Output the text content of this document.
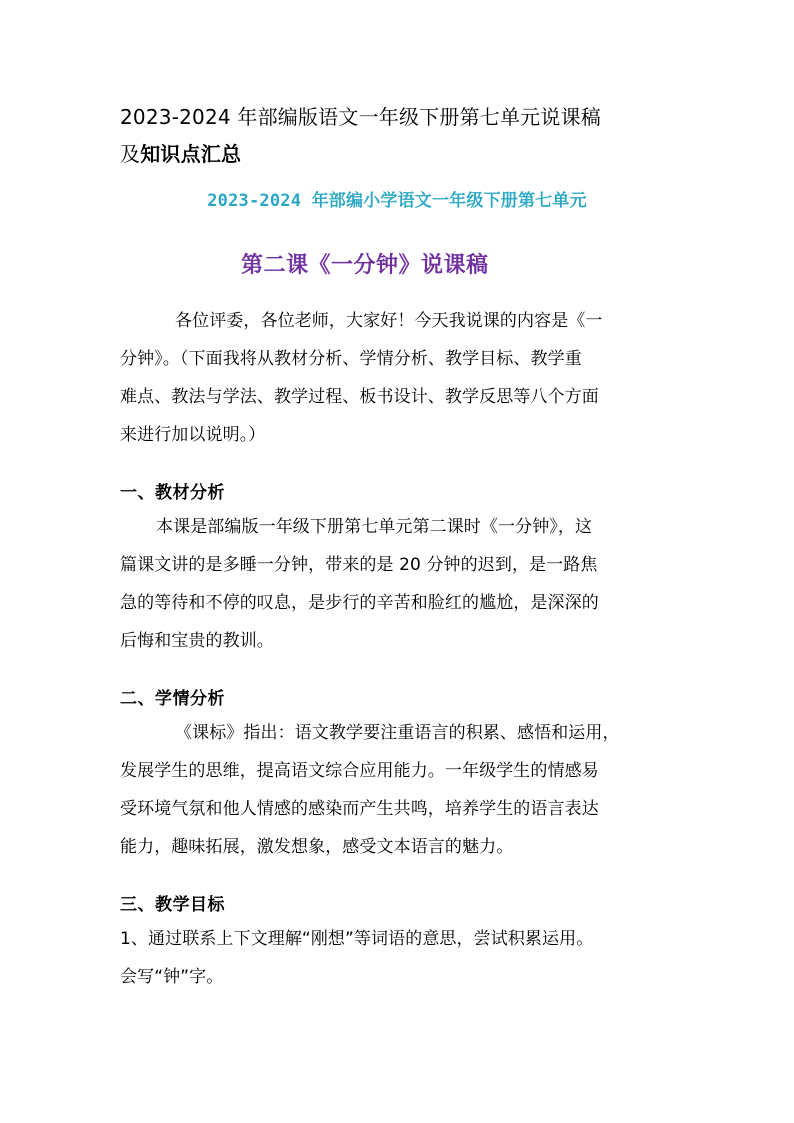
2023-2024 年部编版语文一年级下册第七单元说课稿
及知识点汇总
2023-2024 年部编小学语文一年级下册第七单元
第二课《一分钟》说课稿

各位评委，各位老师，大家好！今天我说课的内容是《一
分钟》。（下面我将从教材分析、学情分析、教学目标、教学重
难点、教法与学法、教学过程、板书设计、教学反思等八个方面
来进行加以说明。）

一、教材分析

本课是部编版一年级下册第七单元第二课时《一分钟》，这
篇课文讲的是多睡一分钟，带来的是 20 分钟的迟到，是一路焦
急的等待和不停的叹息，是步行的辛苦和脸红的尴尬，是深深的
后悔和宝贵的教训。

二、学情分析

《课标》指出：语文教学要注重语言的积累、感悟和运用，
发展学生的思维，提高语文综合应用能力。一年级学生的情感易
受环境气氛和他人情感的感染而产生共鸣，培养学生的语言表达
能力，趣味拓展，激发想象，感受文本语言的魅力。

三、教学目标

1、通过联系上下文理解“刚想”等词语的意思，尝试积累运用。
会写“钟”字。
